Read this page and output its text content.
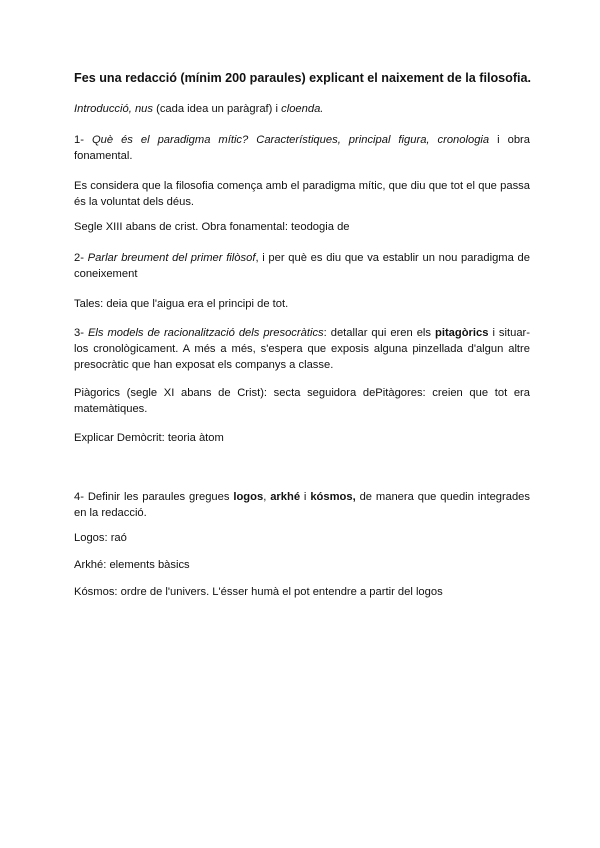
Fes una redacció (mínim 200 paraules) explicant el naixement de la filosofia.

Introducció, nus (cada idea un paràgraf) i cloenda.

1- Què és el paradigma mític? Característiques, principal figura, cronologia i obra fonamental.

Es considera que la filosofia comença amb el paradigma mític, que diu que tot el que passa és la voluntat dels déus.

Segle XIII abans de crist. Obra fonamental: teodogia de

2- Parlar breument del primer filòsof, i per què es diu que va establir un nou paradigma de coneixement

Tales: deia que l'aigua era el principi de tot.

3- Els models de racionalització dels presocràtics: detallar qui eren els pitagòrics i situar-los cronològicament. A més a més, s'espera que exposis alguna pinzellada d'algun altre presocràtic que han exposat els companys a classe.

Piàgorics (segle XI abans de Crist): secta seguidora dePitàgores: creien que tot era matemàtiques.

Explicar Demòcrit: teoria àtom

4- Definir les paraules gregues logos, arkhé i kósmos, de manera que quedin integrades en la redacció.

Logos: raó

Arkhé: elements bàsics

Kósmos: ordre de l'univers. L'ésser humà el pot entendre a partir del logos
